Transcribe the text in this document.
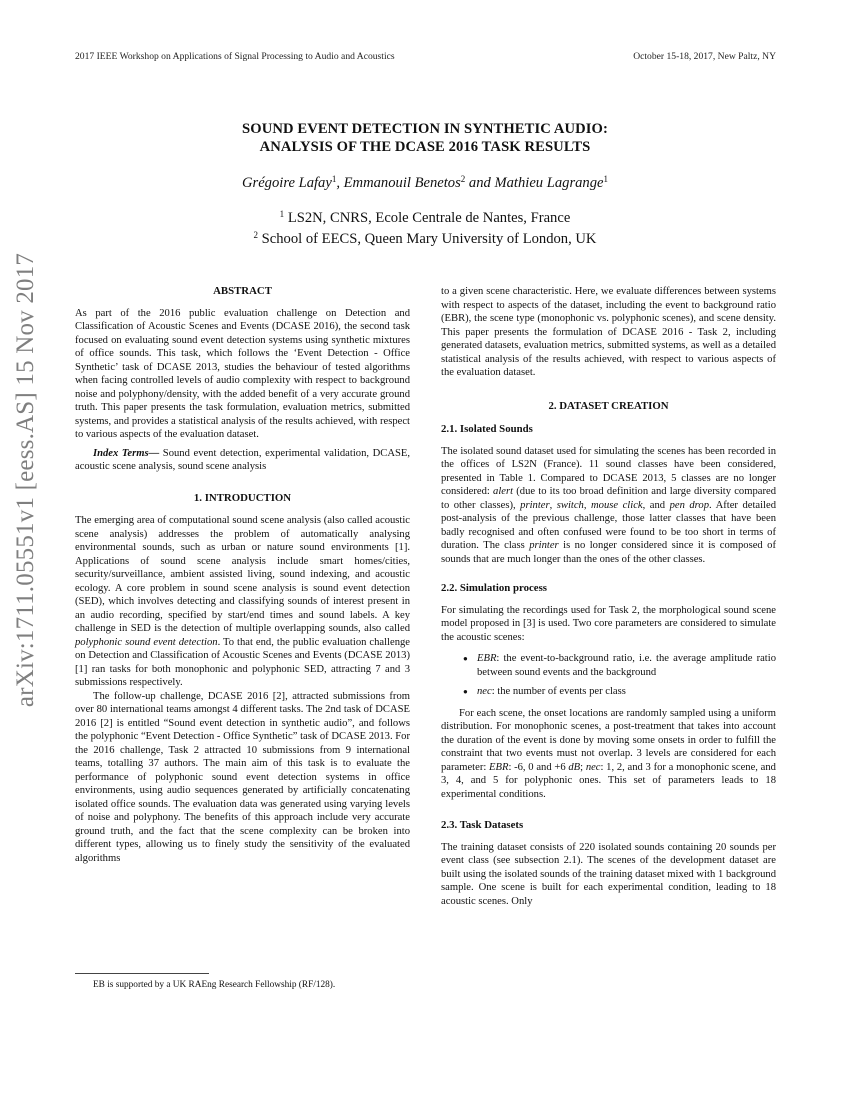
2017 IEEE Workshop on Applications of Signal Processing to Audio and Acoustics	October 15-18, 2017, New Paltz, NY
arXiv:1711.05551v1 [eess.AS] 15 Nov 2017
SOUND EVENT DETECTION IN SYNTHETIC AUDIO:
ANALYSIS OF THE DCASE 2016 TASK RESULTS
Grégoire Lafay$^1$, Emmanouil Benetos$^2$ and Mathieu Lagrange$^1$
$^1$ LS2N, CNRS, Ecole Centrale de Nantes, France
$^2$ School of EECS, Queen Mary University of London, UK
ABSTRACT

As part of the 2016 public evaluation challenge on Detection and Classification of Acoustic Scenes and Events (DCASE 2016), the second task focused on evaluating sound event detection systems using synthetic mixtures of office sounds. This task, which follows the ‘Event Detection - Office Synthetic’ task of DCASE 2013, studies the behaviour of tested algorithms when facing controlled levels of audio complexity with respect to background noise and polyphony/density, with the added benefit of a very accurate ground truth. This paper presents the task formulation, evaluation metrics, submitted systems, and provides a statistical analysis of the results achieved, with respect to various aspects of the evaluation dataset.

Index Terms— Sound event detection, experimental validation, DCASE, acoustic scene analysis, sound scene analysis

1. INTRODUCTION

The emerging area of computational sound scene analysis (also called acoustic scene analysis) addresses the problem of automatically analysing environmental sounds, such as urban or nature sound environments [1]. Applications of sound scene analysis include smart homes/cities, security/surveillance, ambient assisted living, sound indexing, and acoustic ecology. A core problem in sound scene analysis is sound event detection (SED), which involves detecting and classifying sounds of interest present in an audio recording, specified by start/end times and sound labels. A key challenge in SED is the detection of multiple overlapping sounds, also called polyphonic sound event detection. To that end, the public evaluation challenge on Detection and Classification of Acoustic Scenes and Events (DCASE 2013) [1] ran tasks for both monophonic and polyphonic SED, attracting 7 and 3 submissions respectively.

The follow-up challenge, DCASE 2016 [2], attracted submissions from over 80 international teams amongst 4 different tasks. The 2nd task of DCASE 2016 [2] is entitled “Sound event detection in synthetic audio”, and follows the polyphonic “Event Detection - Office Synthetic” task of DCASE 2013. For the 2016 challenge, Task 2 attracted 10 submissions from 9 international teams, totalling 37 authors. The main aim of this task is to evaluate the performance of polyphonic sound event detection systems in office environments, using audio sequences generated by artificially concatenating isolated office sounds. The evaluation data was generated using varying levels of noise and polyphony. The benefits of this approach include very accurate ground truth, and the fact that the scene complexity can be broken into different types, allowing us to finely study the sensitivity of the evaluated algorithms

EB is supported by a UK RAEng Research Fellowship (RF/128).

to a given scene characteristic. Here, we evaluate differences between systems with respect to aspects of the dataset, including the event to background ratio (EBR), the scene type (monophonic vs. polyphonic scenes), and scene density. This paper presents the formulation of DCASE 2016 - Task 2, including generated datasets, evaluation metrics, submitted systems, as well as a detailed statistical analysis of the results achieved, with respect to various aspects of the evaluation dataset.

2. DATASET CREATION
2.1. Isolated Sounds

The isolated sound dataset used for simulating the scenes has been recorded in the offices of LS2N (France). 11 sound classes have been considered, presented in Table 1. Compared to DCASE 2013, 5 classes are no longer considered: alert (due to its too broad definition and large diversity compared to other classes), printer, switch, mouse click, and pen drop. After detailed post-analysis of the previous challenge, those latter classes that have been badly recognised and often confused were found to be too short in terms of duration. The class printer is no longer considered since it is composed of sounds that are much longer than the ones of the other classes.

2.2. Simulation process

For simulating the recordings used for Task 2, the morphological sound scene model proposed in [3] is used. Two core parameters are considered to simulate the acoustic scenes:

● EBR: the event-to-background ratio, i.e. the average amplitude ratio between sound events and the background
● nec: the number of events per class

For each scene, the onset locations are randomly sampled using a uniform distribution. For monophonic scenes, a post-treatment that takes into account the duration of the event is done by moving some onsets in order to fulfill the constraint that two events must not overlap. 3 levels are considered for each parameter: EBR: -6, 0 and +6 dB; nec: 1, 2, and 3 for a monophonic scene, and 3, 4, and 5 for polyphonic ones. This set of parameters leads to 18 experimental conditions.

2.3. Task Datasets

The training dataset consists of 220 isolated sounds containing 20 sounds per event class (see subsection 2.1). The scenes of the development dataset are built using the isolated sounds of the training dataset mixed with 1 background sample. One scene is built for each experimental condition, leading to 18 acoustic scenes. Only
